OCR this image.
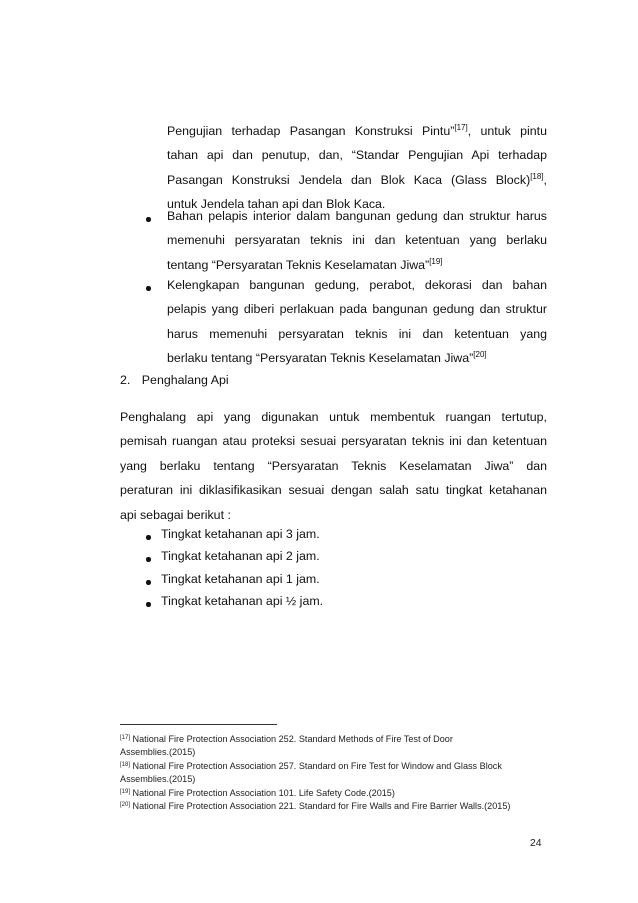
Pengujian terhadap Pasangan Konstruksi Pintu”[17], untuk pintu
tahan api dan penutup, dan, “Standar Pengujian Api terhadap
Pasangan Konstruksi Jendela dan Blok Kaca (Glass Block)[18],
untuk Jendela tahan api dan Blok Kaca.
Bahan pelapis interior dalam bangunan gedung dan struktur harus
memenuhi persyaratan teknis ini dan ketentuan yang berlaku
tentang “Persyaratan Teknis Keselamatan Jiwa”[19]
Kelengkapan bangunan gedung, perabot, dekorasi dan bahan
pelapis yang diberi perlakuan pada bangunan gedung dan struktur
harus memenuhi persyaratan teknis ini dan ketentuan yang
berlaku tentang “Persyaratan Teknis Keselamatan Jiwa”[20]
2. Penghalang Api
Penghalang api yang digunakan untuk membentuk ruangan tertutup,
pemisah ruangan atau proteksi sesuai persyaratan teknis ini dan ketentuan
yang berlaku tentang “Persyaratan Teknis Keselamatan Jiwa” dan
peraturan ini diklasifikasikan sesuai dengan salah satu tingkat ketahanan
api sebagai berikut :
Tingkat ketahanan api 3 jam.
Tingkat ketahanan api 2 jam.
Tingkat ketahanan api 1 jam.
Tingkat ketahanan api ½ jam.
[17] National Fire Protection Association 252. Standard Methods of Fire Test of Door
Assemblies.(2015)
[18] National Fire Protection Association 257. Standard on Fire Test for Window and Glass Block
Assemblies.(2015)
[19] National Fire Protection Association 101. Life Safety Code.(2015)
[20] National Fire Protection Association 221. Standard for Fire Walls and Fire Barrier Walls.(2015)
24
